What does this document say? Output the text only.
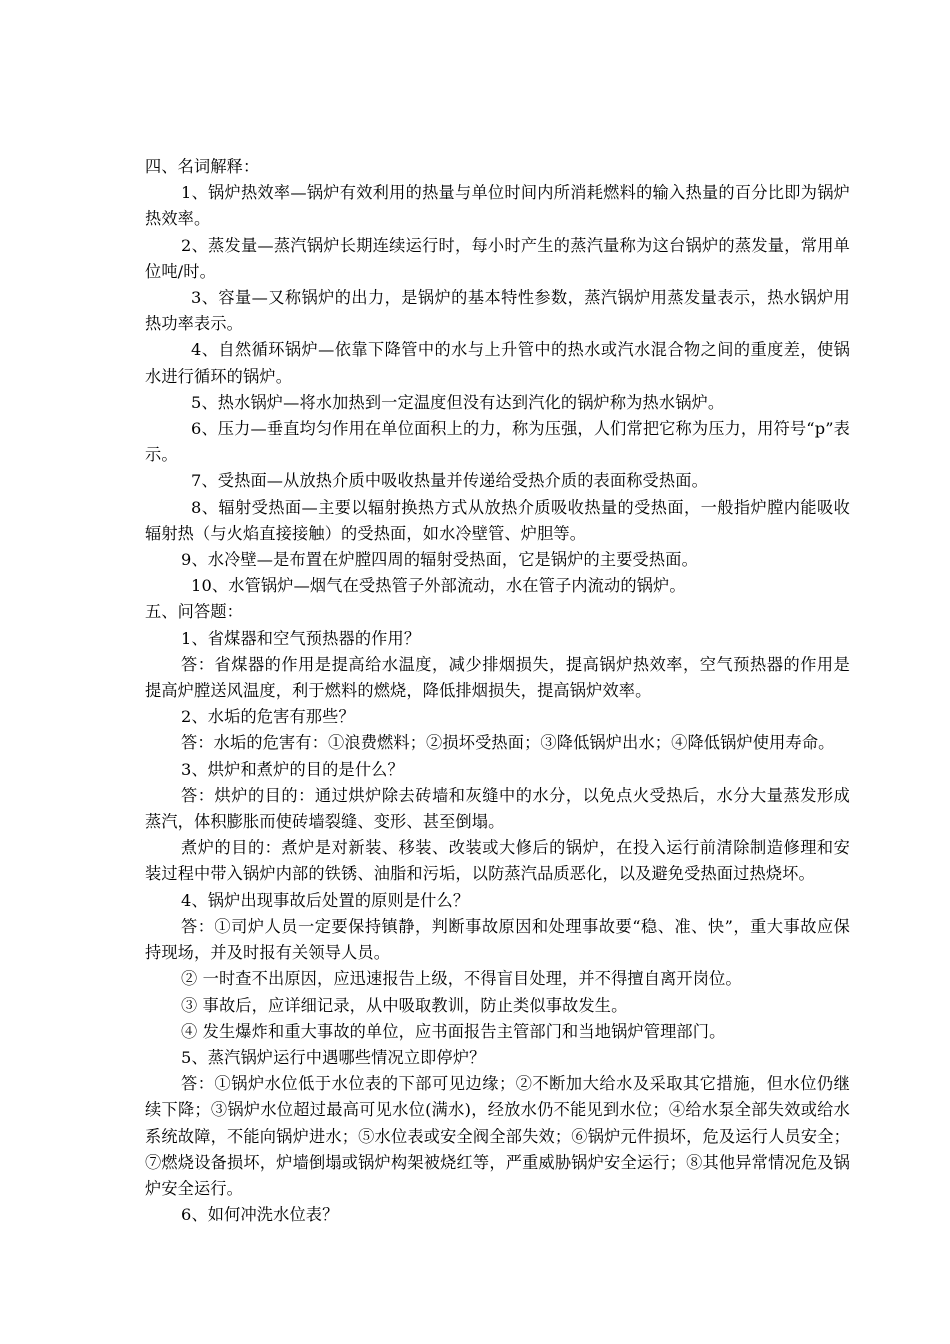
四、名词解释：

1、锅炉热效率—锅炉有效利用的热量与单位时间内所消耗燃料的输入热量的百分比即为锅炉热效率。

2、蒸发量—蒸汽锅炉长期连续运行时，每小时产生的蒸汽量称为这台锅炉的蒸发量，常用单位吨/时。

3、容量—又称锅炉的出力，是锅炉的基本特性参数，蒸汽锅炉用蒸发量表示，热水锅炉用热功率表示。

4、自然循环锅炉—依靠下降管中的水与上升管中的热水或汽水混合物之间的重度差，使锅水进行循环的锅炉。

5、热水锅炉—将水加热到一定温度但没有达到汽化的锅炉称为热水锅炉。

6、压力—垂直均匀作用在单位面积上的力，称为压强，人们常把它称为压力，用符号“p”表示。

7、受热面—从放热介质中吸收热量并传递给受热介质的表面称受热面。

8、辐射受热面—主要以辐射换热方式从放热介质吸收热量的受热面，一般指炉膛内能吸收辐射热（与火焰直接接触）的受热面，如水冷壁管、炉胆等。

9、水冷壁—是布置在炉膛四周的辐射受热面，它是锅炉的主要受热面。

10、水管锅炉—烟气在受热管子外部流动，水在管子内流动的锅炉。

五、问答题：

1、省煤器和空气预热器的作用？

答：省煤器的作用是提高给水温度，减少排烟损失，提高锅炉热效率，空气预热器的作用是提高炉膛送风温度，利于燃料的燃烧，降低排烟损失，提高锅炉效率。

2、水垢的危害有那些？

答：水垢的危害有：①浪费燃料；②损坏受热面；③降低锅炉出水；④降低锅炉使用寿命。

3、烘炉和煮炉的目的是什么？

答：烘炉的目的：通过烘炉除去砖墙和灰缝中的水分，以免点火受热后，水分大量蒸发形成蒸汽，体积膨胀而使砖墙裂缝、变形、甚至倒塌。

煮炉的目的：煮炉是对新装、移装、改装或大修后的锅炉，在投入运行前清除制造修理和安装过程中带入锅炉内部的铁锈、油脂和污垢，以防蒸汽品质恶化，以及避免受热面过热烧坏。

4、锅炉出现事故后处置的原则是什么？

答：①司炉人员一定要保持镇静，判断事故原因和处理事故要“稳、准、快”，重大事故应保持现场，并及时报有关领导人员。

② 一时查不出原因，应迅速报告上级，不得盲目处理，并不得擅自离开岗位。

③ 事故后，应详细记录，从中吸取教训，防止类似事故发生。

④ 发生爆炸和重大事故的单位，应书面报告主管部门和当地锅炉管理部门。

5、蒸汽锅炉运行中遇哪些情况立即停炉？

答：①锅炉水位低于水位表的下部可见边缘；②不断加大给水及采取其它措施，但水位仍继续下降；③锅炉水位超过最高可见水位(满水)，经放水仍不能见到水位；④给水泵全部失效或给水系统故障，不能向锅炉进水；⑤水位表或安全阀全部失效；⑥锅炉元件损坏，危及运行人员安全；⑦燃烧设备损坏，炉墙倒塌或锅炉构架被烧红等，严重威胁锅炉安全运行；⑧其他异常情况危及锅炉安全运行。

6、如何冲洗水位表？
